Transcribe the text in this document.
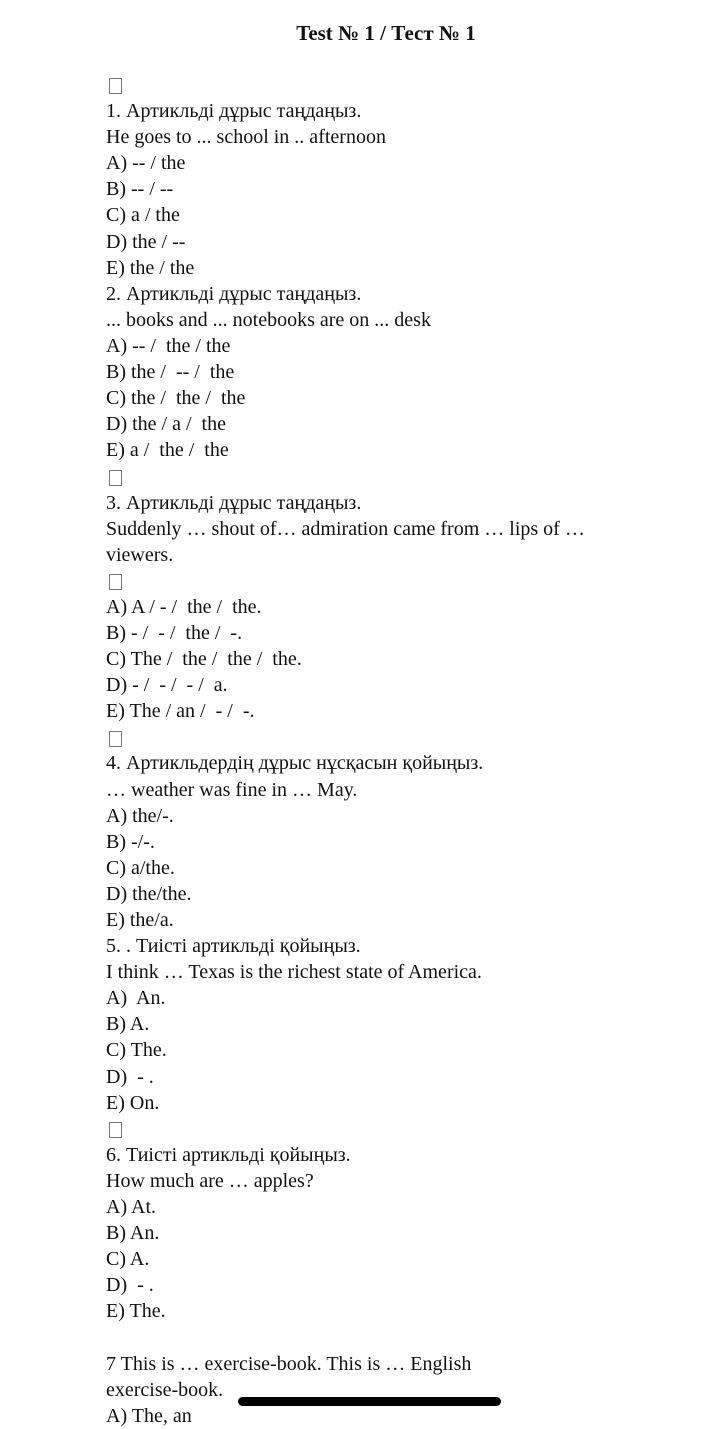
Test № 1 / Тест № 1
1. Артикльді дұрыс таңдаңыз.
He goes to ... school in .. afternoon
A) -- / the
B) -- / --
C) a / the
D) the / --
E) the / the
2. Артикльді дұрыс таңдаңыз.
... books and ... notebooks are on ... desk
A) -- /  the / the
B) the /  -- /  the
C) the /  the /  the
D) the / a /  the
E) a /  the /  the
3. Артикльді дұрыс таңдаңыз.
Suddenly … shout of… admiration came from … lips of …
viewers.
A) A / - /  the /  the.
B) - /  - /  the /  -.
C) The /  the /  the /  the.
D) - /  - /  - /  a.
E) The / an /  - /  -.
4. Артикльдердің дұрыс нұсқасын қойыңыз.
… weather was fine in … May.
A) the/-.
B) -/-.
C) a/the.
D) the/the.
E) the/a.
5. . Тиісті артикльді қойыңыз.
I think … Texas is the richest state of America.
A)  An.
B) A.
C) The.
D)  - .
E) On.
6. Тиісті артикльді қойыңыз.
How much are … apples?
A) At.
B) An.
C) A.
D)  - .
E) The.
7 This is … exercise-book. This is … English
exercise-book.
A) The, an
